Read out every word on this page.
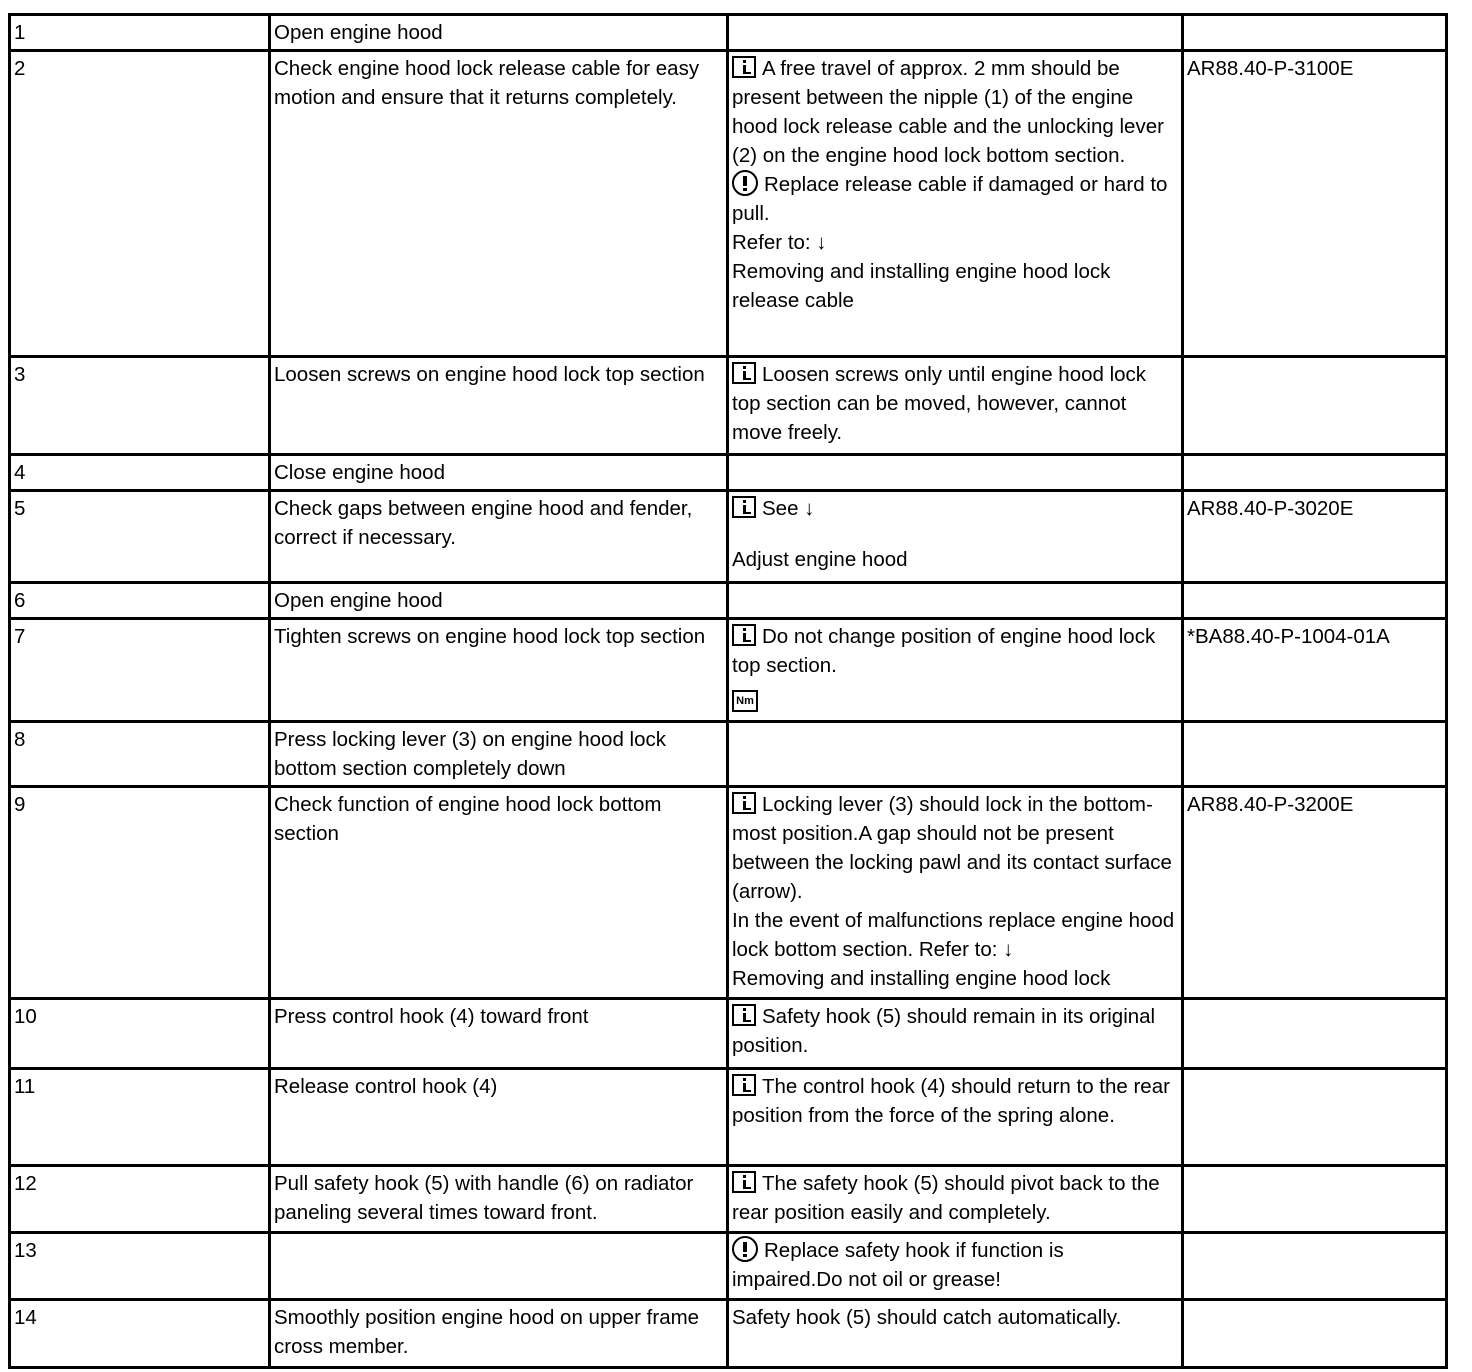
1	Open engine hood		
2	Check engine hood lock release cable for easy motion and ensure that it returns completely.	A free travel of approx. 2 mm should be present between the nipple (1) of the engine hood lock release cable and the unlocking lever (2) on the engine hood lock bottom section.
Replace release cable if damaged or hard to pull.
Refer to: ↓
Removing and installing engine hood lock release cable	AR88.40-P-3100E
3	Loosen screws on engine hood lock top section	Loosen screws only until engine hood lock top section can be moved, however, cannot move freely.	

4	Close engine hood		
5	Check gaps between engine hood and fender, correct if necessary.	See ↓
Adjust engine hood	AR88.40-P-3020E
6	Open engine hood		
7	Tighten screws on engine hood lock top section	Do not change position of engine hood lock top section.
Nm	*BA88.40-P-1004-01A
8	Press locking lever (3) on engine hood lock bottom section completely down		
9	Check function of engine hood lock bottom section	Locking lever (3) should lock in the bottom-most position.A gap should not be present between the locking pawl and its contact surface (arrow).
In the event of malfunctions replace engine hood lock bottom section. Refer to: ↓
Removing and installing engine hood lock	AR88.40-P-3200E
10	Press control hook (4) toward front	Safety hook (5) should remain in its original position.	

11	Release control hook (4)	The control hook (4) should return to the rear position from the force of the spring alone.	

12	Pull safety hook (5) with handle (6) on radiator paneling several times toward front.	The safety hook (5) should pivot back to the rear position easily and completely.	

13		Replace safety hook if function is impaired.Do not oil or grease!	

14	Smoothly position engine hood on upper frame cross member.	Safety hook (5) should catch automatically.	
